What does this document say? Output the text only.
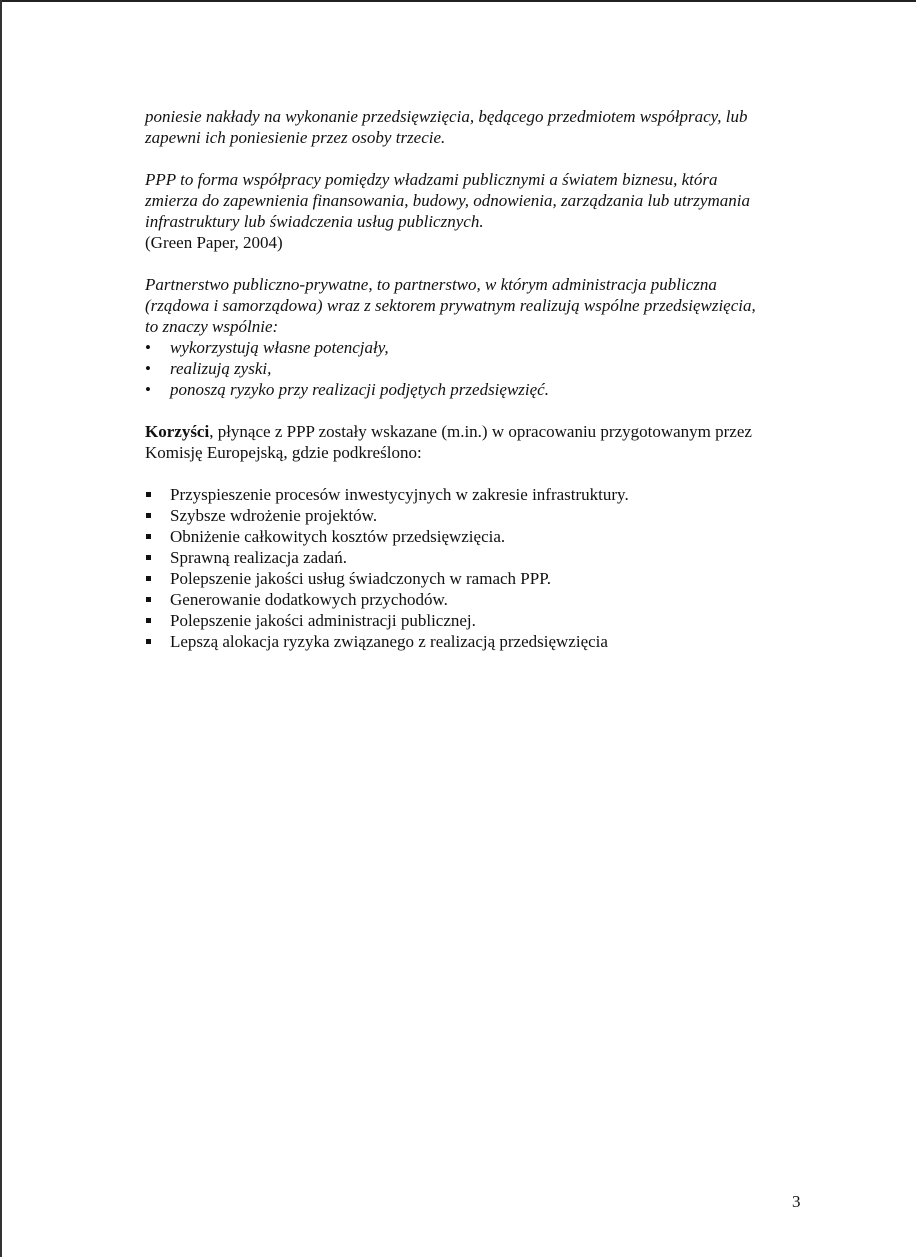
poniesie nakłady na wykonanie przedsięwzięcia, będącego przedmiotem współpracy, lub
zapewni ich poniesienie przez osoby trzecie.

PPP to forma współpracy pomiędzy władzami publicznymi a światem biznesu, która
zmierza do zapewnienia finansowania, budowy, odnowienia, zarządzania lub utrzymania
infrastruktury lub świadczenia usług publicznych.
(Green Paper, 2004)

Partnerstwo publiczno-prywatne, to partnerstwo, w którym administracja publiczna
(rządowa i samorządowa) wraz z sektorem prywatnym realizują wspólne przedsięwzięcia,
to znaczy wspólnie:

• wykorzystują własne potencjały,
• realizują zyski,
• ponoszą ryzyko przy realizacji podjętych przedsięwzięć.

Korzyści, płynące z PPP zostały wskazane (m.in.) w opracowaniu przygotowanym przez
Komisję Europejską, gdzie podkreślono:

Przyspieszenie procesów inwestycyjnych w zakresie infrastruktury.
Szybsze wdrożenie projektów.
Obniżenie całkowitych kosztów przedsięwzięcia.
Sprawną realizacja zadań.
Polepszenie jakości usług świadczonych w ramach PPP.
Generowanie dodatkowych przychodów.
Polepszenie jakości administracji publicznej.
Lepszą alokacja ryzyka związanego z realizacją przedsięwzięcia
3
